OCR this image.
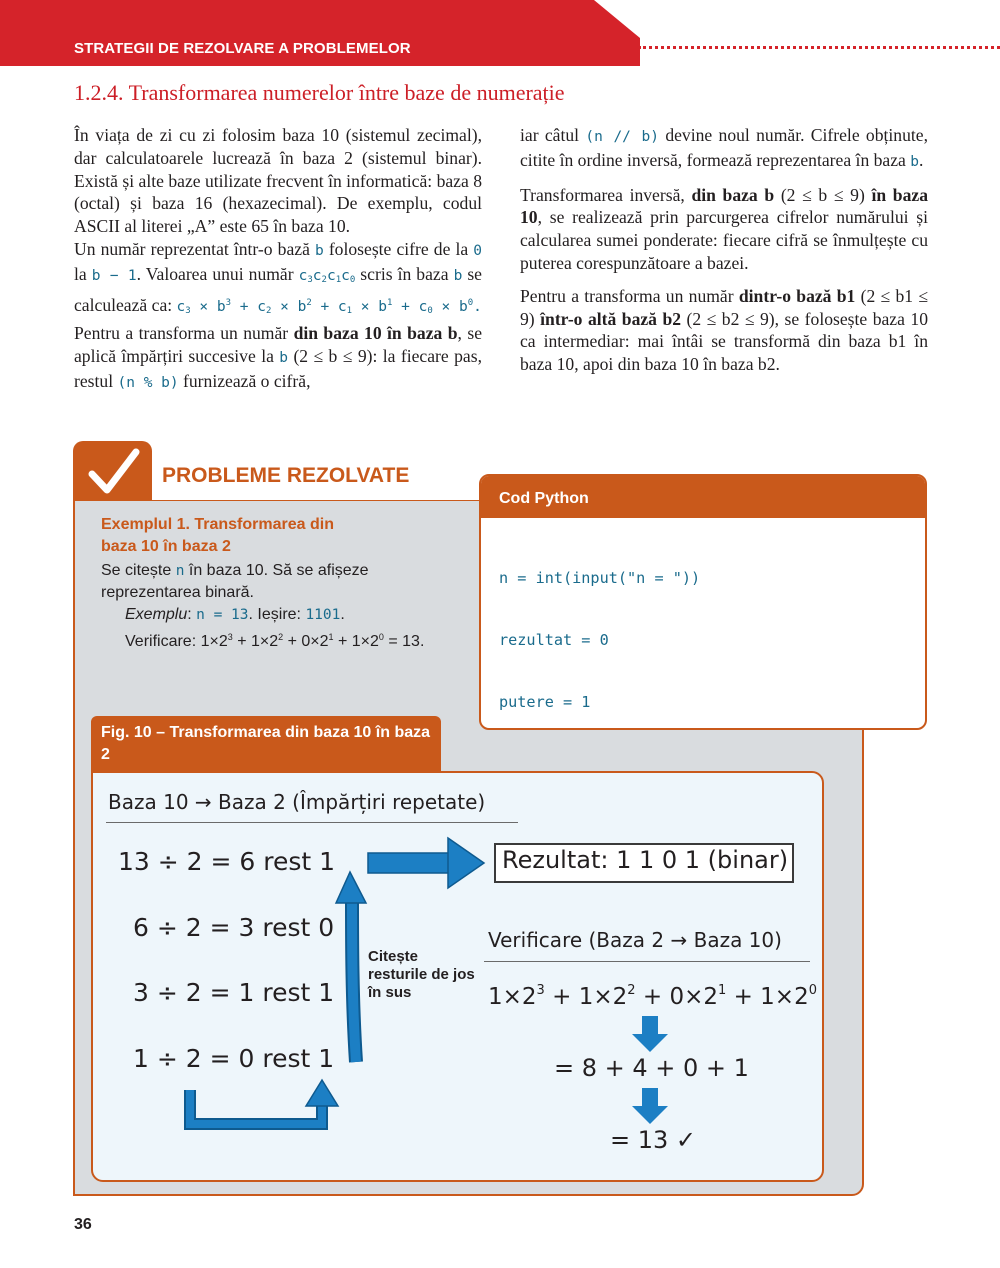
STRATEGII DE REZOLVARE A PROBLEMELOR
1.2.4. Transformarea numerelor între baze de numerație

În viața de zi cu zi folosim baza 10 (sistemul zecimal), dar calculatoarele lucrează în baza 2 (sistemul binar). Există și alte baze utilizate frecvent în informatică: baza 8 (octal) și baza 16 (hexazecimal). De exemplu, codul ASCII al literei „A” este 65 în baza 10.

Un număr reprezentat într-o bază b folosește cifre de la 0 la b − 1. Valoarea unui număr $c_3c_2c_1c_0$ scris în baza b se calculează ca: $c_3 \times b^3 + c_2 \times b^2 + c_1 \times b^1 + c_0 \times b^0$.

Pentru a transforma un număr din baza 10 în baza b, se aplică împărțiri succesive la b (2 ≤ b ≤ 9): la fiecare pas, restul (n % b) furnizează o cifră,

iar câtul (n // b) devine noul număr. Cifrele obținute, citite în ordine inversă, formează reprezentarea în baza b.

Transformarea inversă, din baza b (2 ≤ b ≤ 9) în baza 10, se realizează prin parcurgerea cifrelor numărului și calcularea sumei ponderate: fiecare cifră se înmulțește cu puterea corespunzătoare a bazei.

Pentru a transforma un număr dintr-o bază b1 (2 ≤ b1 ≤ 9) într-o altă bază b2 (2 ≤ b2 ≤ 9), se folosește baza 10 ca intermediar: mai întâi se transformă din baza b1 în baza 10, apoi din baza 10 în baza b2.

PROBLEME REZOLVATE
Exemplul 1. Transformarea din baza 10 în baza 2
Se citește n în baza 10. Să se afișeze reprezentarea binară.
Exemplu: n = 13. Ieșire: 1101.
Verificare: $1\times 2^3 + 1\times 2^2 + 0\times 2^1 + 1\times 2^0 = 13$.
Cod Python

n = int(input("n = "))

rezultat = 0

putere = 1

Fig. 10 – Transformarea din baza 10 în baza 2
Baza 10 → Baza 2 (Împărțiri repetate)
13 ÷ 2 = 6 rest 1
6 ÷ 2 = 3 rest 0
3 ÷ 2 = 1 rest 1
1 ÷ 2 = 0 rest 1
Citește resturile de jos în sus
Rezultat: 1 1 0 1 (binar)
Verificare (Baza 2 → Baza 10)
$1\times 2^3 + 1\times 2^2 + 0\times 2^1 + 1\times 2^0$
= 8 + 4 + 0 + 1
= 13 ✓
36
